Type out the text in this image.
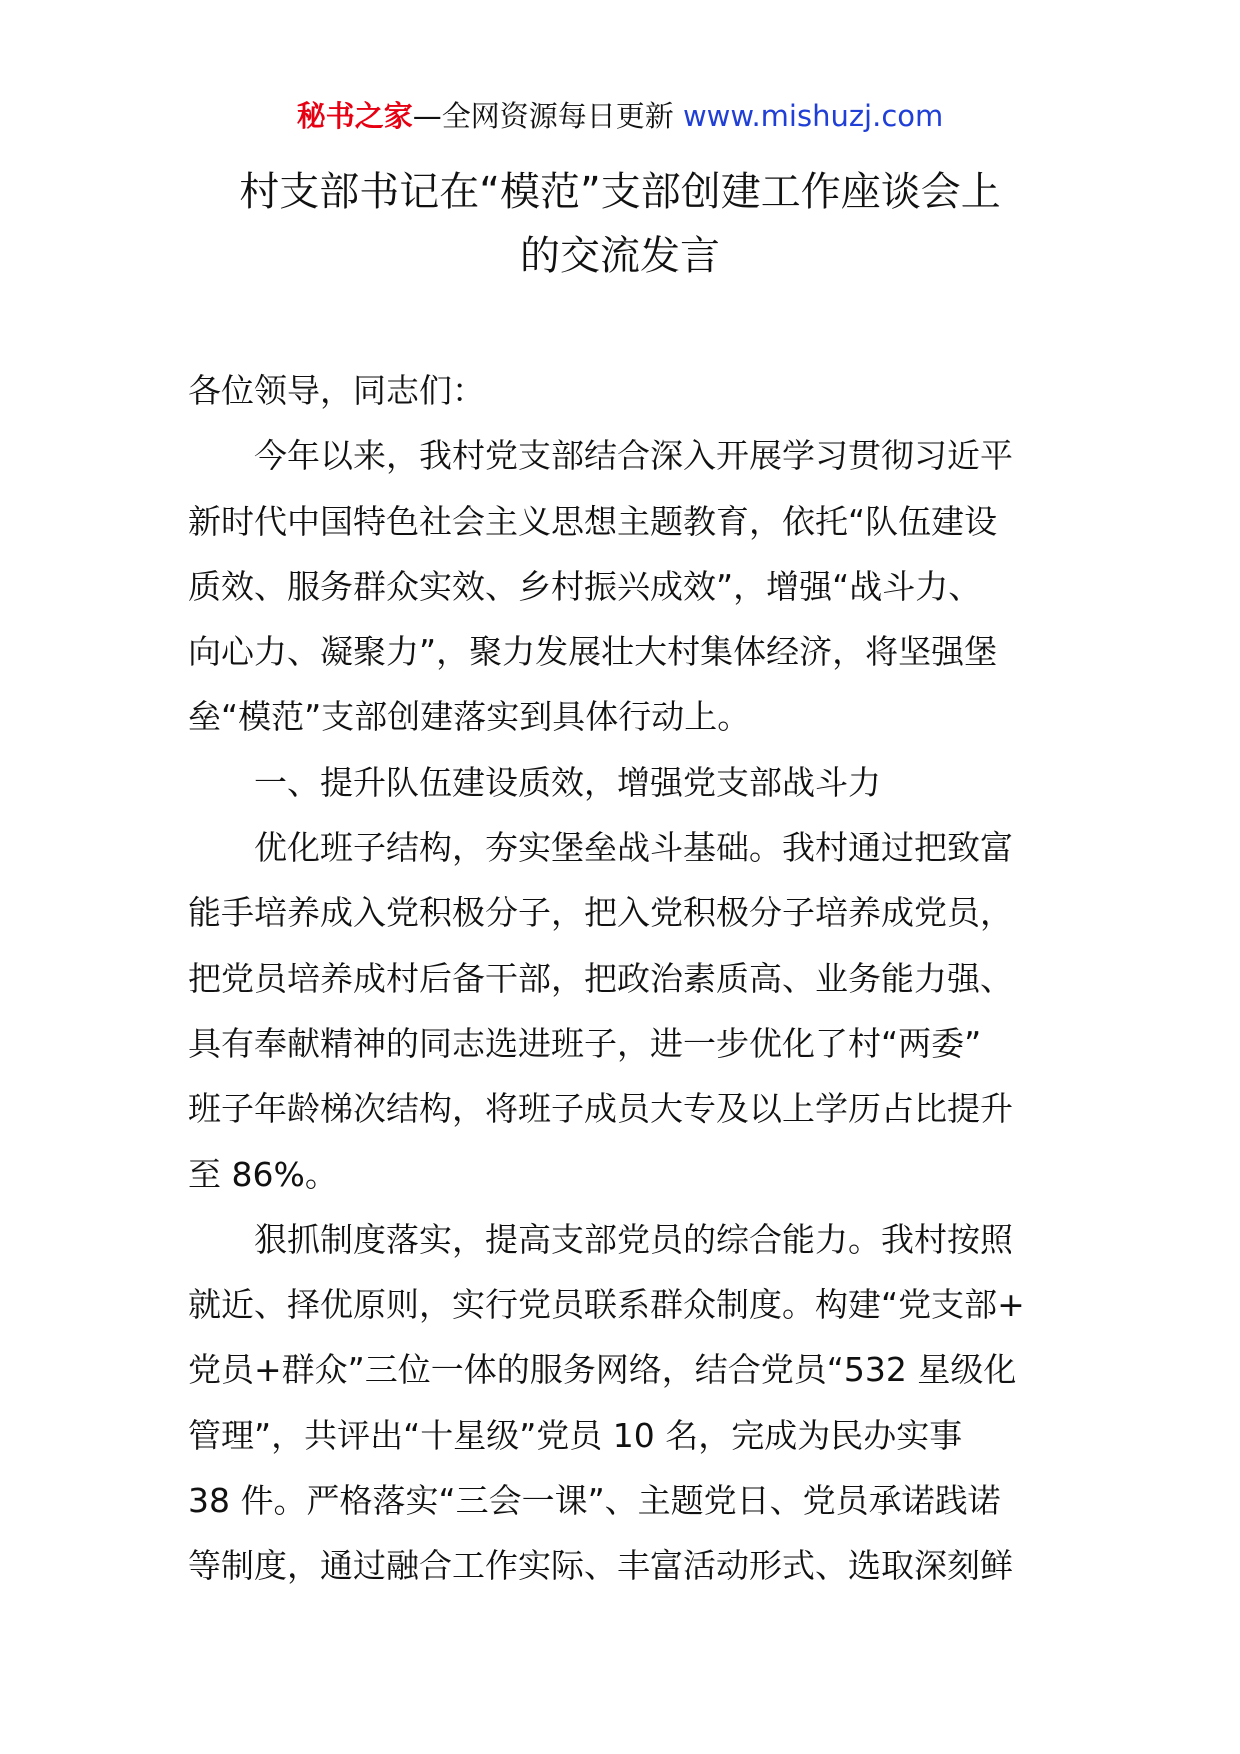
秘书之家—全网资源每日更新 www.mishuzj.com
村支部书记在“模范”支部创建工作座谈会上
的交流发言
各位领导，同志们：
今年以来，我村党支部结合深入开展学习贯彻习近平
新时代中国特色社会主义思想主题教育，依托“队伍建设
质效、服务群众实效、乡村振兴成效”，增强“战斗力、
向心力、凝聚力”，聚力发展壮大村集体经济，将坚强堡
垒“模范”支部创建落实到具体行动上。
一、提升队伍建设质效，增强党支部战斗力
优化班子结构，夯实堡垒战斗基础。我村通过把致富
能手培养成入党积极分子，把入党积极分子培养成党员，
把党员培养成村后备干部，把政治素质高、业务能力强、
具有奉献精神的同志选进班子，进一步优化了村“两委”
班子年龄梯次结构，将班子成员大专及以上学历占比提升
至 86%。
狠抓制度落实，提高支部党员的综合能力。我村按照
就近、择优原则，实行党员联系群众制度。构建“党支部+
党员+群众”三位一体的服务网络，结合党员“532 星级化
管理”，共评出“十星级”党员 10 名，完成为民办实事
38 件。严格落实“三会一课”、主题党日、党员承诺践诺
等制度，通过融合工作实际、丰富活动形式、选取深刻鲜
